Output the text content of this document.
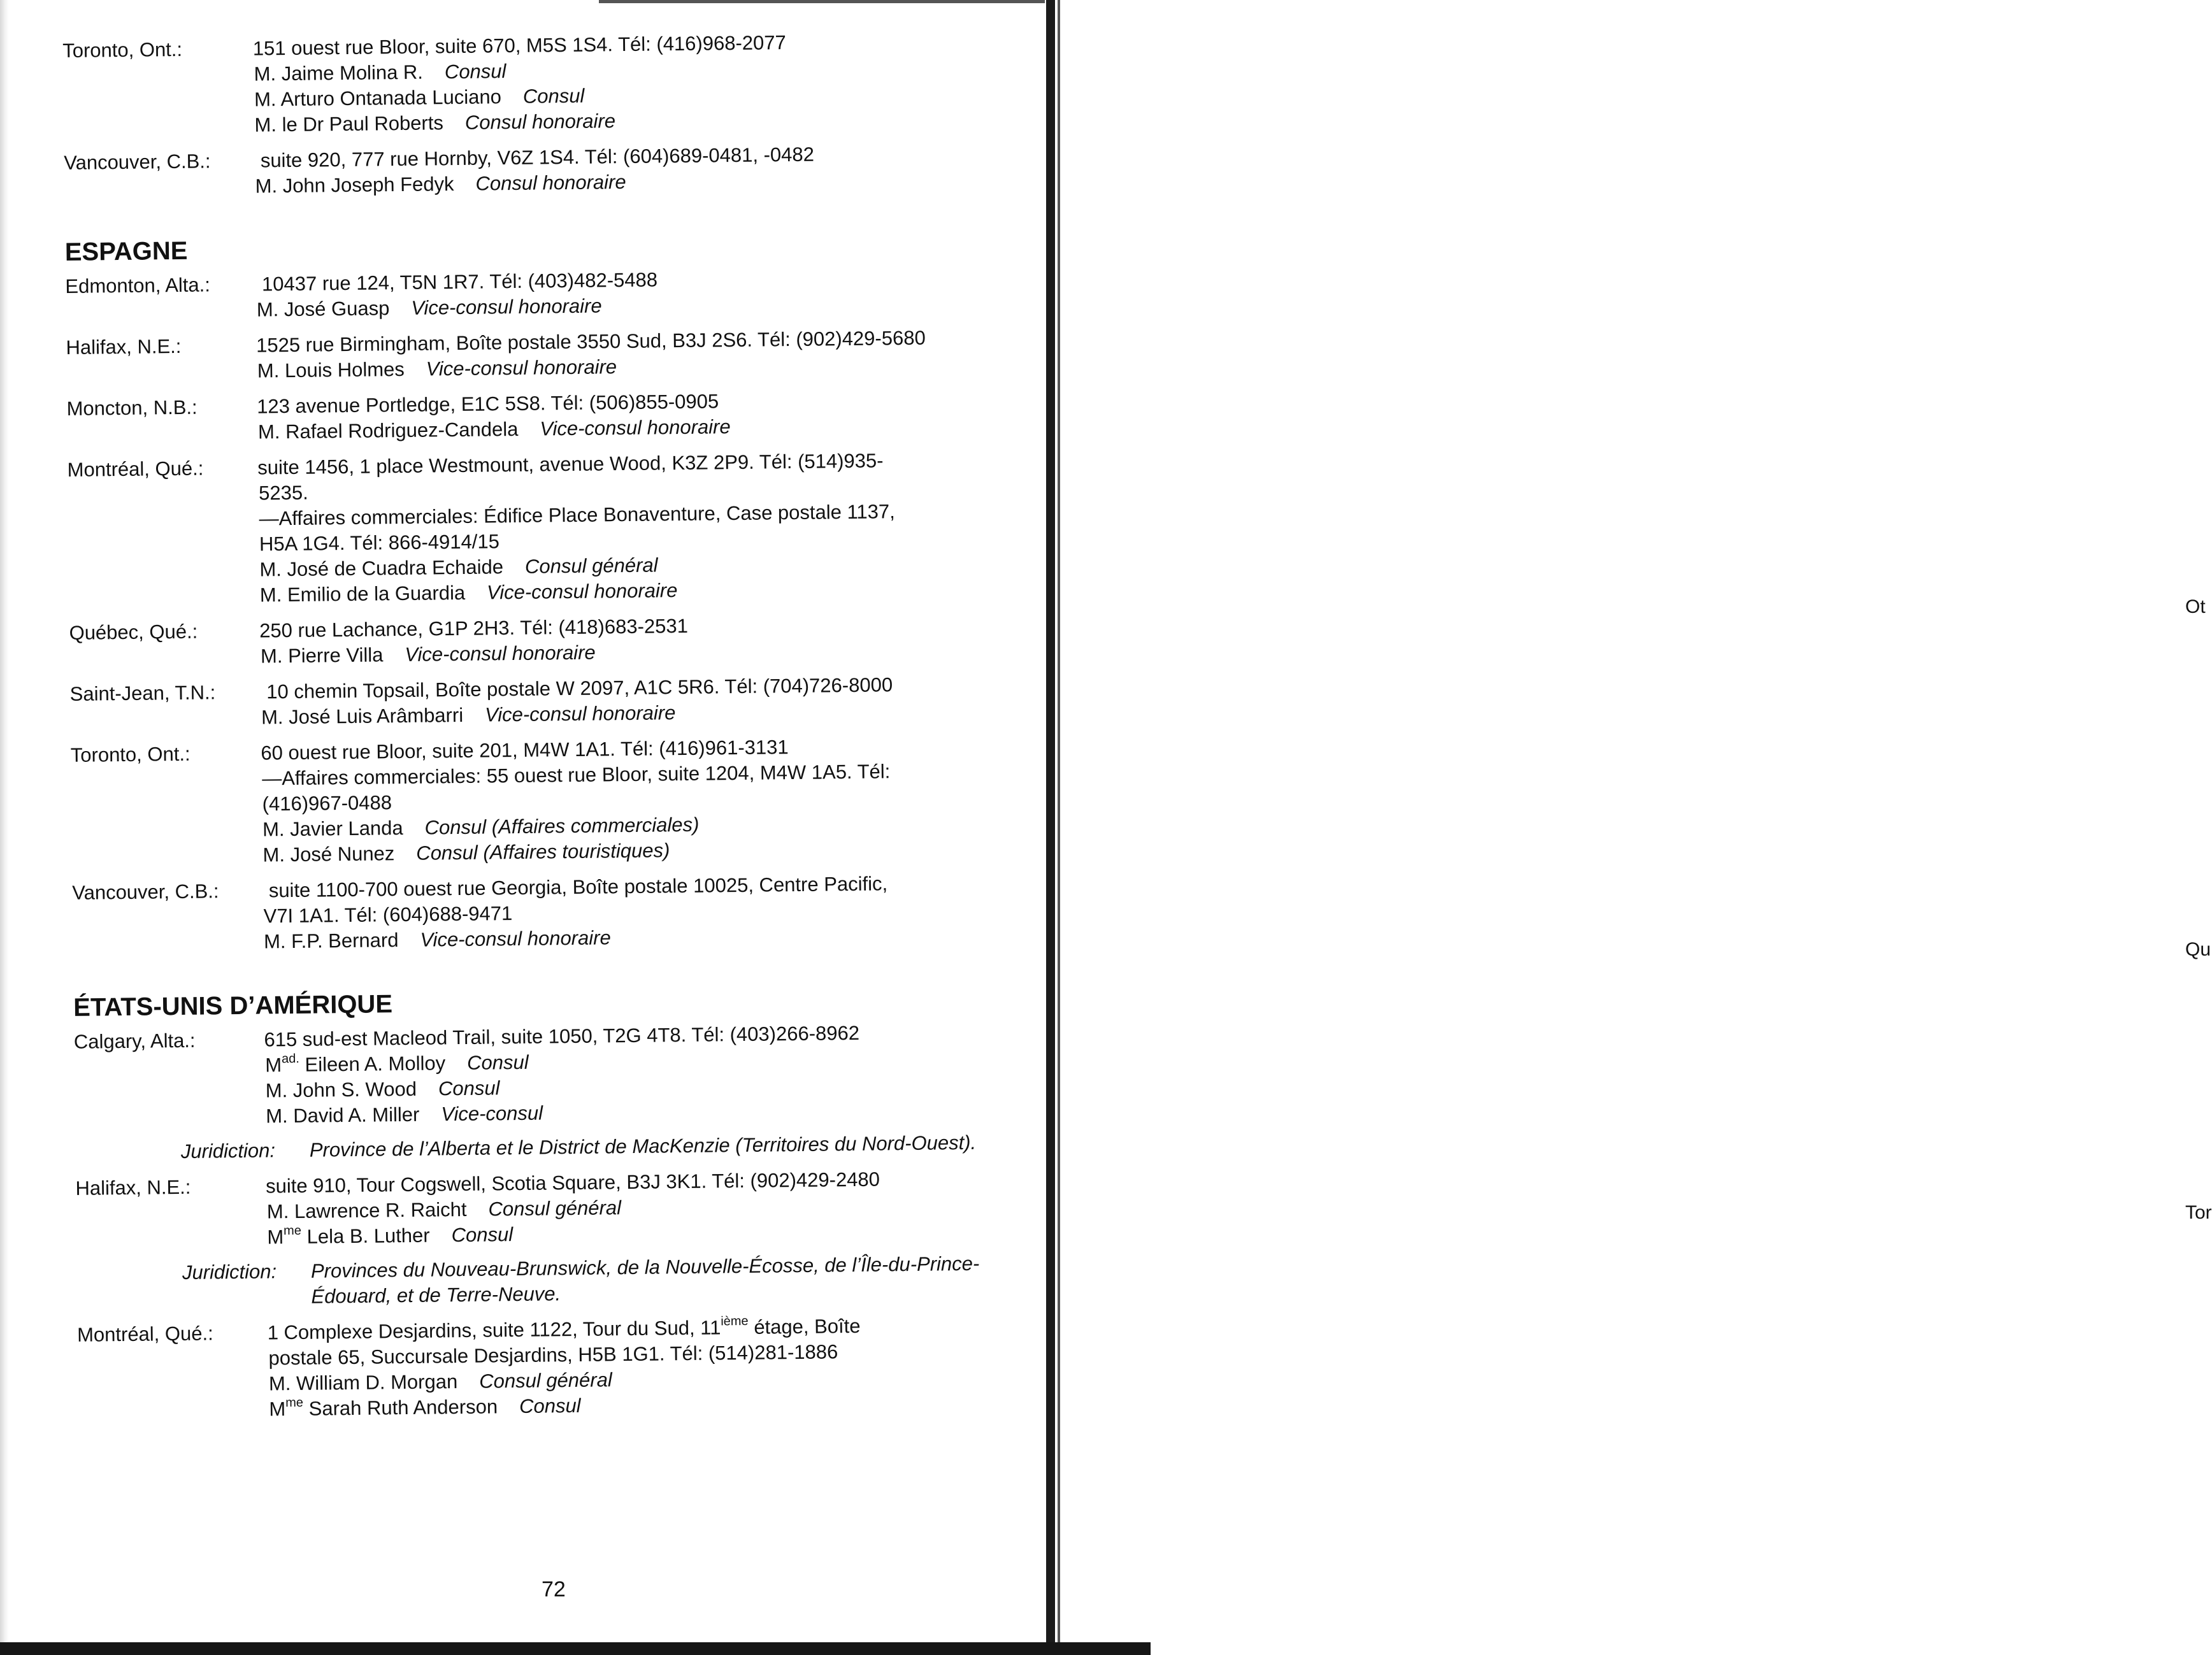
Ot
Qu
Tor
Toronto, Ont.:	151 ouest rue Bloor, suite 670, M5S 1S4. Tél: (416)968-2077
M. Jaime Molina R. Consul
M. Arturo Ontanada Luciano Consul
M. le Dr Paul Roberts Consul honoraire
Vancouver, C.B.:	suite 920, 777 rue Hornby, V6Z 1S4. Tél: (604)689-0481, -0482
M. John Joseph Fedyk Consul honoraire
ESPAGNE
Edmonton, Alta.:	10437 rue 124, T5N 1R7. Tél: (403)482-5488
M. José Guasp Vice-consul honoraire
Halifax, N.E.:	1525 rue Birmingham, Boîte postale 3550 Sud, B3J 2S6. Tél: (902)429-5680
M. Louis Holmes Vice-consul honoraire
Moncton, N.B.:	123 avenue Portledge, E1C 5S8. Tél: (506)855-0905
M. Rafael Rodriguez-Candela Vice-consul honoraire
Montréal, Qué.:	suite 1456, 1 place Westmount, avenue Wood, K3Z 2P9. Tél: (514)935-
5235.
—Affaires commerciales: Édifice Place Bonaventure, Case postale 1137,
H5A 1G4. Tél: 866-4914/15
M. José de Cuadra Echaide Consul général
M. Emilio de la Guardia Vice-consul honoraire
Québec, Qué.:	250 rue Lachance, G1P 2H3. Tél: (418)683-2531
M. Pierre Villa Vice-consul honoraire
Saint-Jean, T.N.:	10 chemin Topsail, Boîte postale W 2097, A1C 5R6. Tél: (704)726-8000
M. José Luis Arâmbarri Vice-consul honoraire
Toronto, Ont.:	60 ouest rue Bloor, suite 201, M4W 1A1. Tél: (416)961-3131
—Affaires commerciales: 55 ouest rue Bloor, suite 1204, M4W 1A5. Tél:
(416)967-0488
M. Javier Landa Consul (Affaires commerciales)
M. José Nunez Consul (Affaires touristiques)
Vancouver, C.B.:	suite 1100-700 ouest rue Georgia, Boîte postale 10025, Centre Pacific,
V7I 1A1. Tél: (604)688-9471
M. F.P. Bernard Vice-consul honoraire
ÉTATS-UNIS D’AMÉRIQUE
Calgary, Alta.:	615 sud-est Macleod Trail, suite 1050, T2G 4T8. Tél: (403)266-8962
$M^{ad.}$ Eileen A. Molloy Consul
M. John S. Wood Consul
M. David A. Miller Vice-consul
Juridiction: Province de l’Alberta et le District de MacKenzie (Territoires du Nord-Ouest).
Halifax, N.E.:	suite 910, Tour Cogswell, Scotia Square, B3J 3K1. Tél: (902)429-2480
M. Lawrence R. Raicht Consul général
$M^{me}$ Lela B. Luther Consul
Juridiction: Provinces du Nouveau-Brunswick, de la Nouvelle-Écosse, de l’Île-du-Prince-Édouard, et de Terre-Neuve.
Montréal, Qué.:	1 Complexe Desjardins, suite 1122, Tour du Sud, 11ième étage, Boîte
postale 65, Succursale Desjardins, H5B 1G1. Tél: (514)281-1886
M. William D. Morgan Consul général
$M^{me}$ Sarah Ruth Anderson Consul
72
